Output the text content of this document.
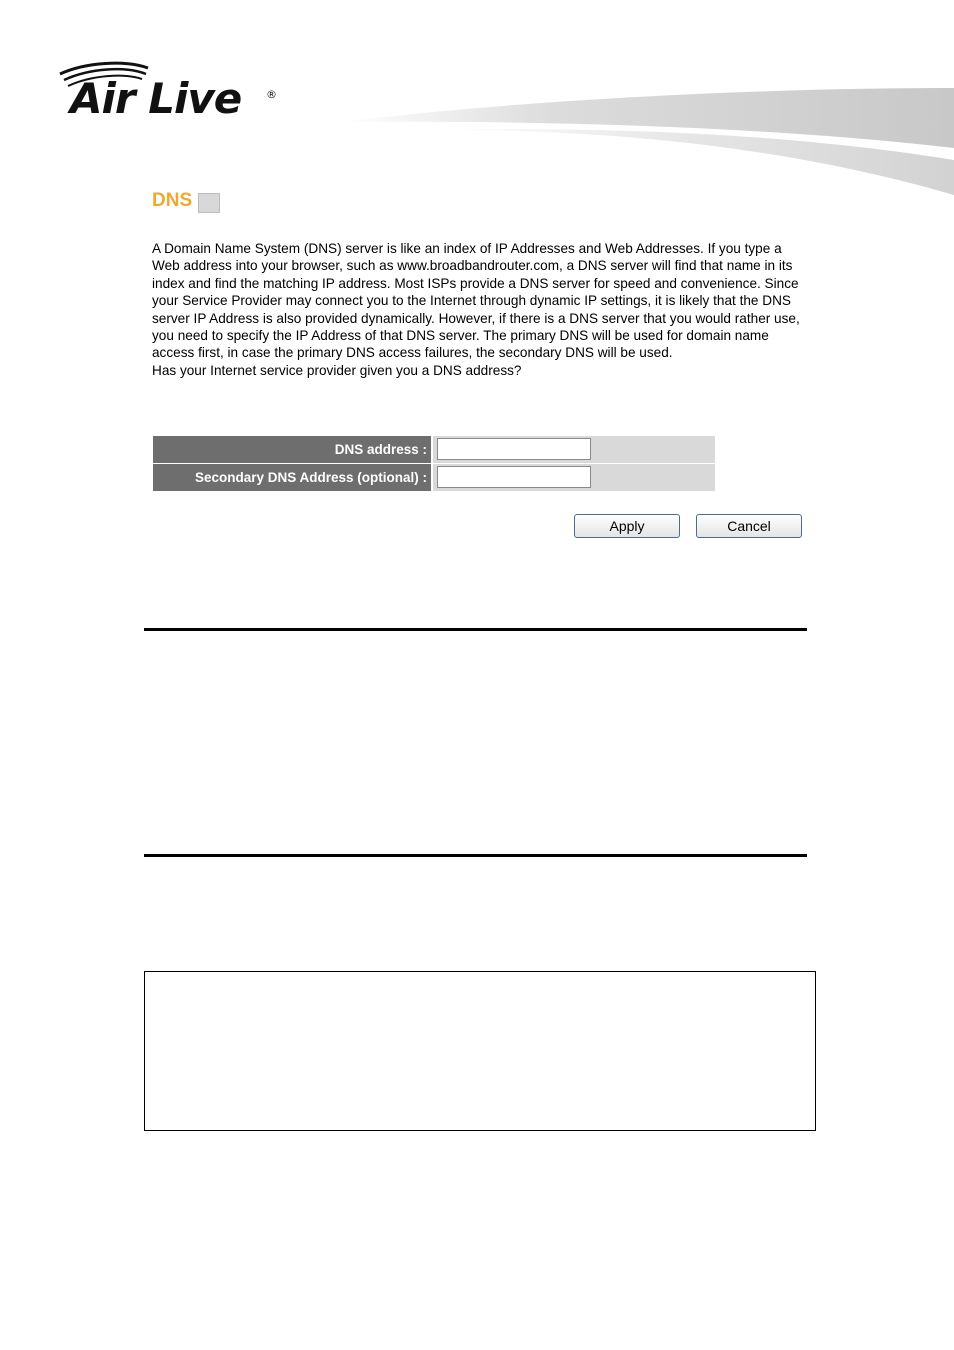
Air Live ®
DNS

A Domain Name System (DNS) server is like an index of IP Addresses and Web Addresses. If you type a Web address into your browser, such as www.broadbandrouter.com, a DNS server will find that name in its index and find the matching IP address. Most ISPs provide a DNS server for speed and convenience. Since your Service Provider may connect you to the Internet through dynamic IP settings, it is likely that the DNS server IP Address is also provided dynamically. However, if there is a DNS server that you would rather use, you need to specify the IP Address of that DNS server. The primary DNS will be used for domain name access first, in case the primary DNS access failures, the secondary DNS will be used.

Has your Internet service provider given you a DNS address?

DNS address :
Secondary DNS Address (optional) :
Apply	Cancel
